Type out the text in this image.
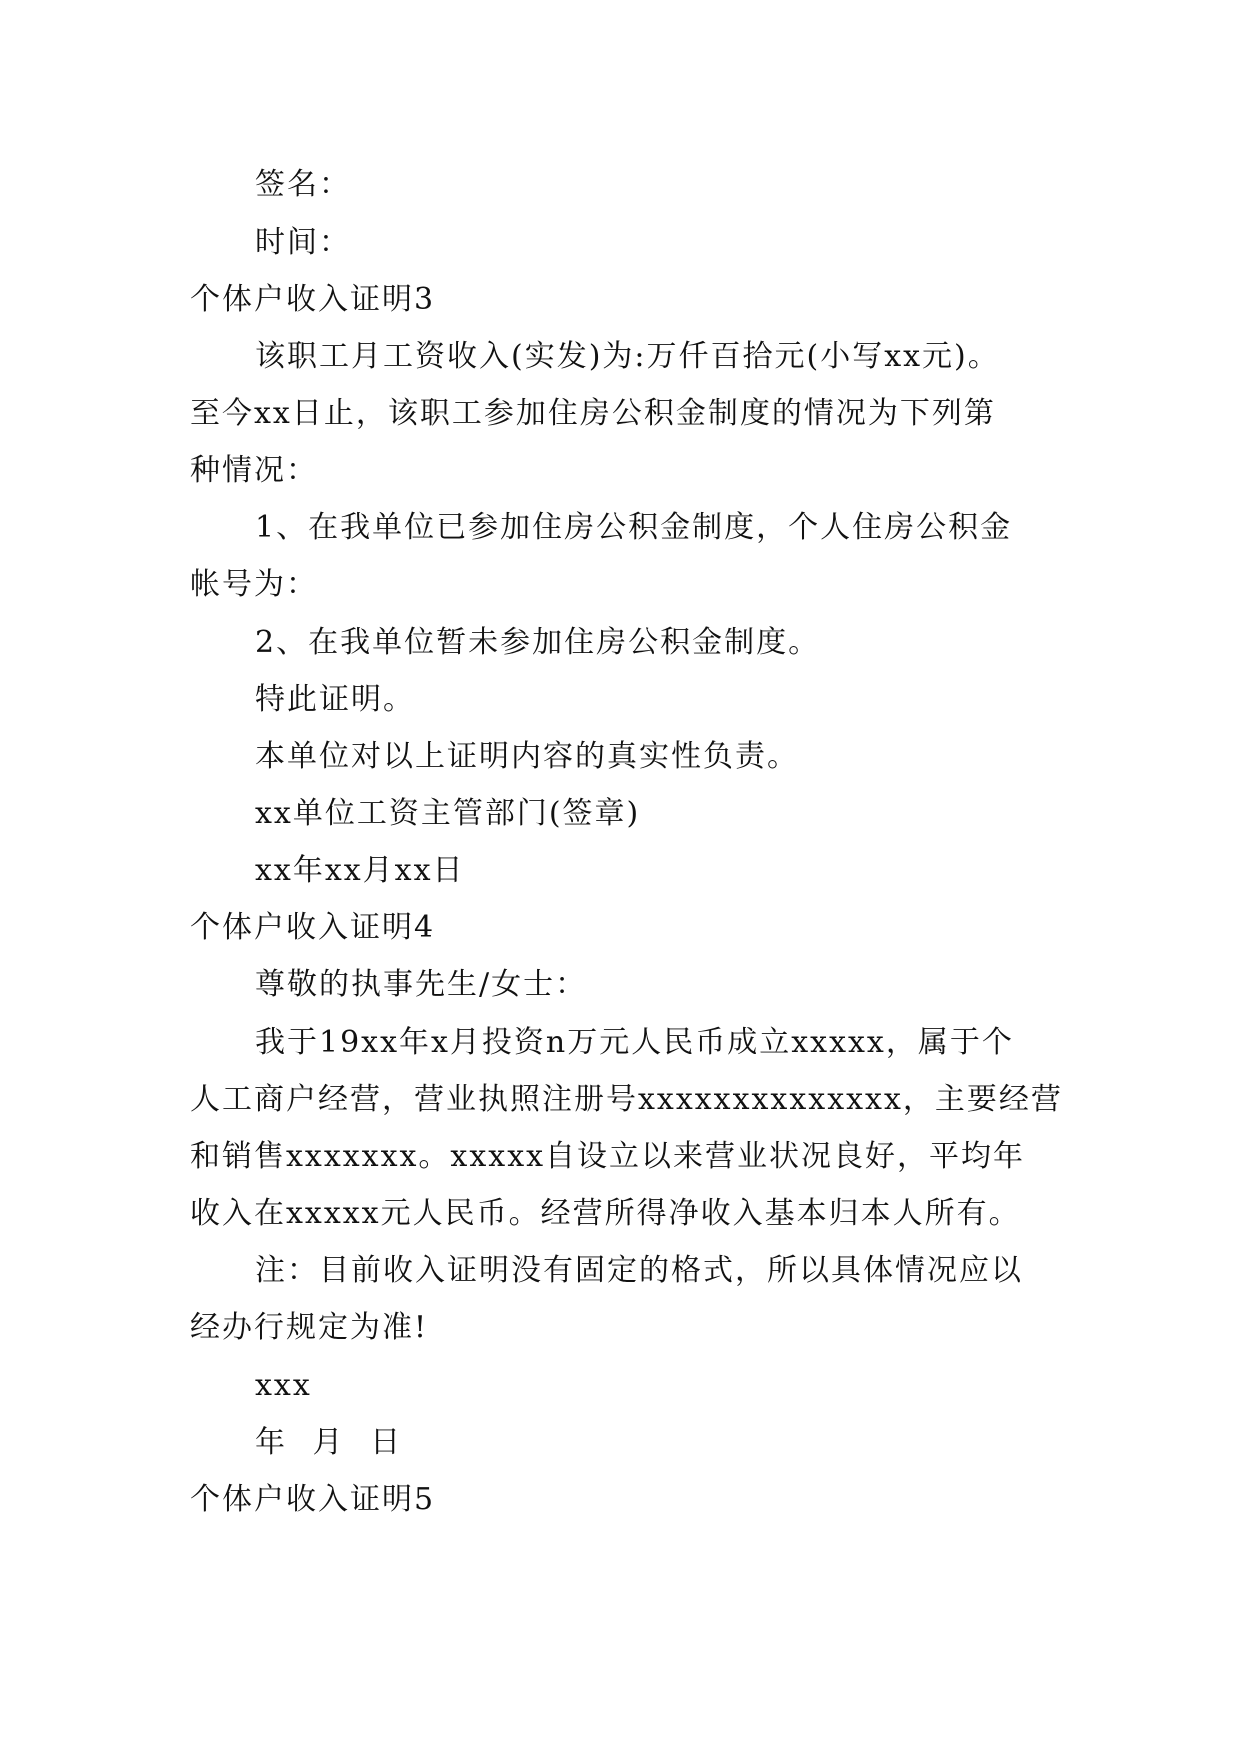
签名：
时间：
个体户收入证明3
该职工月工资收入(实发)为:万仟百拾元(小写xx元)。
至今xx日止，该职工参加住房公积金制度的情况为下列第
种情况：
1、在我单位已参加住房公积金制度，个人住房公积金
帐号为：
2、在我单位暂未参加住房公积金制度。
特此证明。
本单位对以上证明内容的真实性负责。
xx单位工资主管部门(签章)
xx年xx月xx日
个体户收入证明4
尊敬的执事先生/女士：
我于19xx年x月投资n万元人民币成立xxxxx，属于个
人工商户经营，营业执照注册号xxxxxxxxxxxxxx，主要经营
和销售xxxxxxx。xxxxx自设立以来营业状况良好，平均年
收入在xxxxx元人民币。经营所得净收入基本归本人所有。
注：目前收入证明没有固定的格式，所以具体情况应以
经办行规定为准!
xxx
年 月 日
个体户收入证明5
